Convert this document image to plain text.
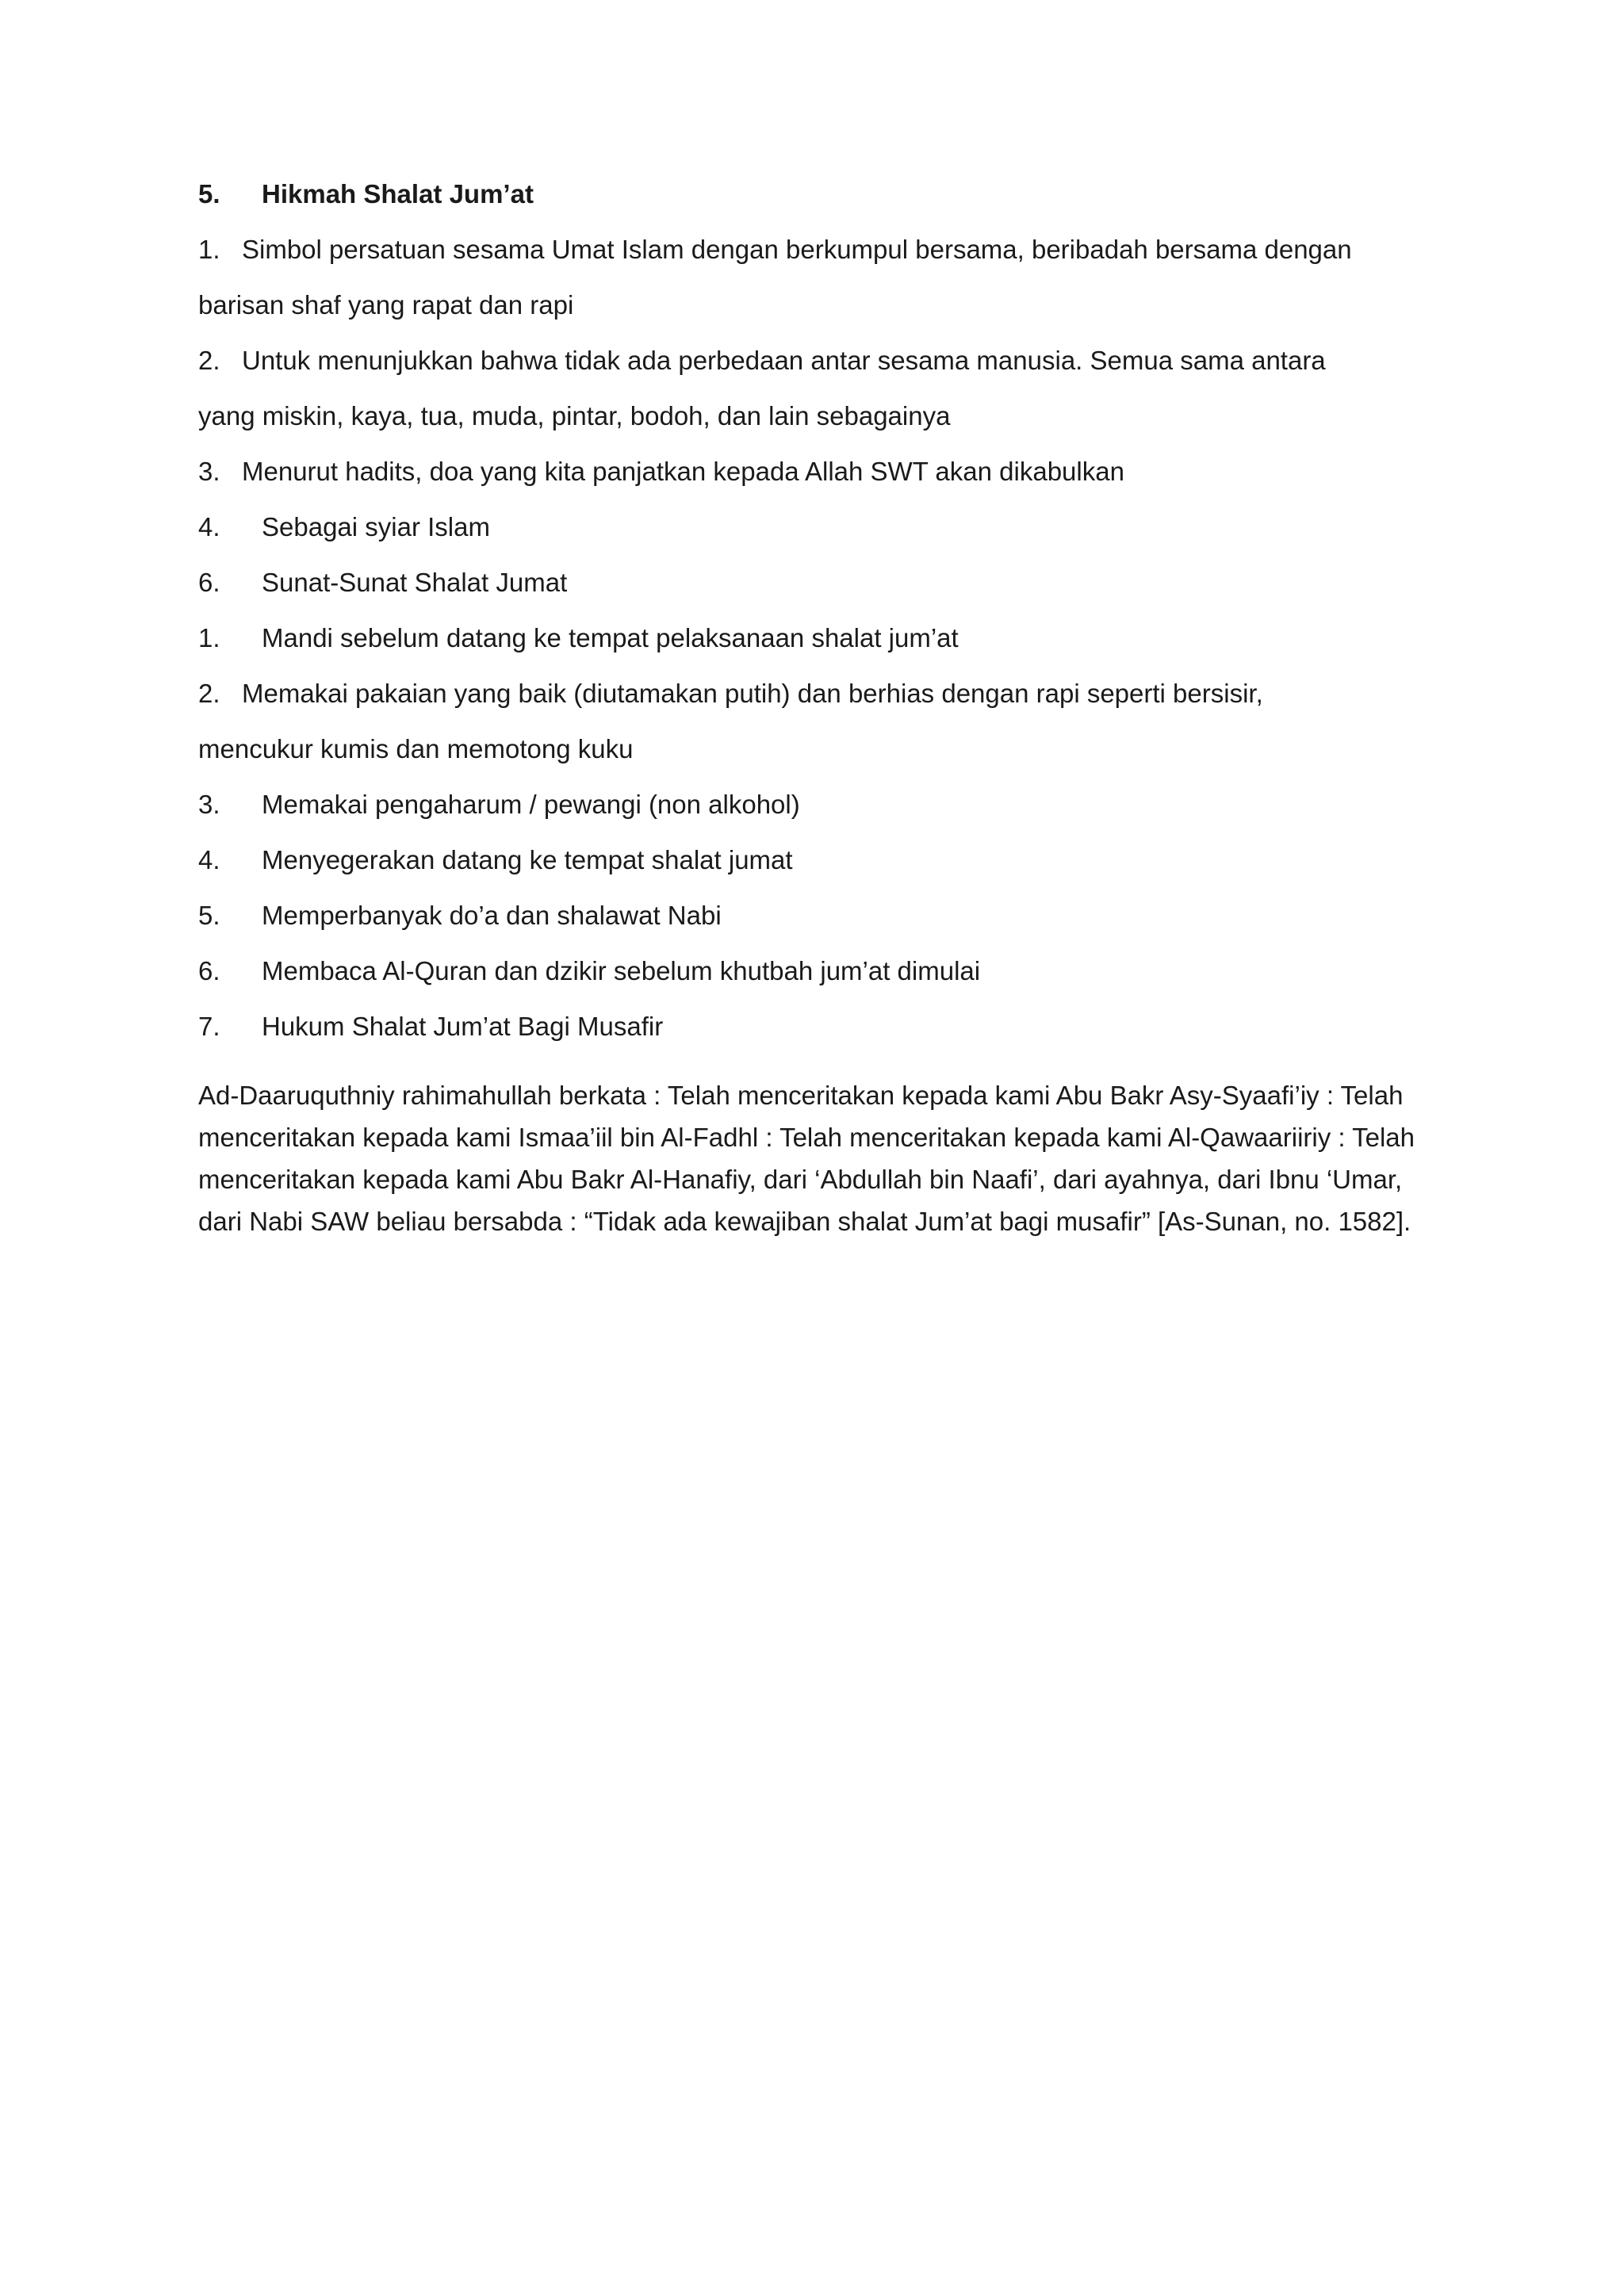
5. Hikmah Shalat Jum’at
1. Simbol persatuan sesama Umat Islam dengan berkumpul bersama, beribadah bersama dengan
barisan shaf yang rapat dan rapi
2. Untuk menunjukkan bahwa tidak ada perbedaan antar sesama manusia. Semua sama antara
yang miskin, kaya, tua, muda, pintar, bodoh, dan lain sebagainya
3. Menurut hadits, doa yang kita panjatkan kepada Allah SWT akan dikabulkan
4. Sebagai syiar Islam
6. Sunat-Sunat Shalat Jumat
1. Mandi sebelum datang ke tempat pelaksanaan shalat jum’at
2. Memakai pakaian yang baik (diutamakan putih) dan berhias dengan rapi seperti bersisir,
mencukur kumis dan memotong kuku
3. Memakai pengaharum / pewangi (non alkohol)
4. Menyegerakan datang ke tempat shalat jumat
5. Memperbanyak do’a dan shalawat Nabi
6. Membaca Al-Quran dan dzikir sebelum khutbah jum’at dimulai
7. Hukum Shalat Jum’at Bagi Musafir

Ad-Daaruquthniy rahimahullah berkata : Telah menceritakan kepada kami Abu Bakr Asy-Syaafi’iy : Telah menceritakan kepada kami Ismaa’iil bin Al-Fadhl : Telah menceritakan kepada kami Al-Qawaariiriy : Telah menceritakan kepada kami Abu Bakr Al-Hanafiy, dari ‘Abdullah bin Naafi’, dari ayahnya, dari Ibnu ‘Umar, dari Nabi SAW beliau bersabda : “Tidak ada kewajiban shalat Jum’at bagi musafir” [As-Sunan, no. 1582].
